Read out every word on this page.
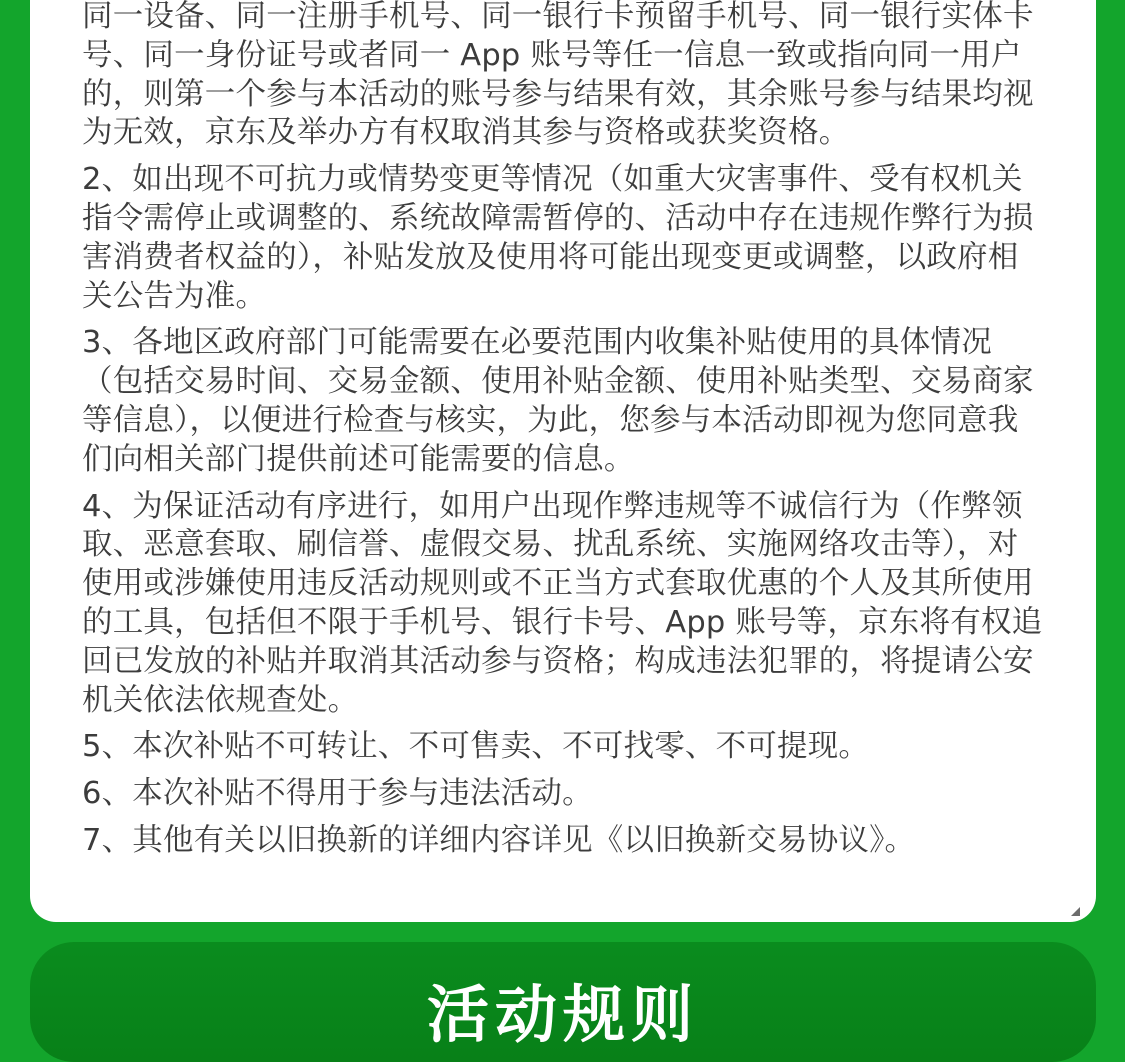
同一设备、同一注册手机号、同一银行卡预留手机号、同一银行实体卡
号、同一身份证号或者同一 App 账号等任一信息一致或指向同一用户
的，则第一个参与本活动的账号参与结果有效，其余账号参与结果均视
为无效，京东及举办方有权取消其参与资格或获奖资格。

2、如出现不可抗力或情势变更等情况（如重大灾害事件、受有权机关
指令需停止或调整的、系统故障需暂停的、活动中存在违规作弊行为损
害消费者权益的），补贴发放及使用将可能出现变更或调整，以政府相
关公告为准。

3、各地区政府部门可能需要在必要范围内收集补贴使用的具体情况
（包括交易时间、交易金额、使用补贴金额、使用补贴类型、交易商家
等信息），以便进行检查与核实，为此，您参与本活动即视为您同意我
们向相关部门提供前述可能需要的信息。

4、为保证活动有序进行，如用户出现作弊违规等不诚信行为（作弊领
取、恶意套取、刷信誉、虚假交易、扰乱系统、实施网络攻击等），对
使用或涉嫌使用违反活动规则或不正当方式套取优惠的个人及其所使用
的工具，包括但不限于手机号、银行卡号、App 账号等，京东将有权追
回已发放的补贴并取消其活动参与资格；构成违法犯罪的，将提请公安
机关依法依规查处。

5、本次补贴不可转让、不可售卖、不可找零、不可提现。

6、本次补贴不得用于参与违法活动。

7、其他有关以旧换新的详细内容详见《以旧换新交易协议》。

活动规则
